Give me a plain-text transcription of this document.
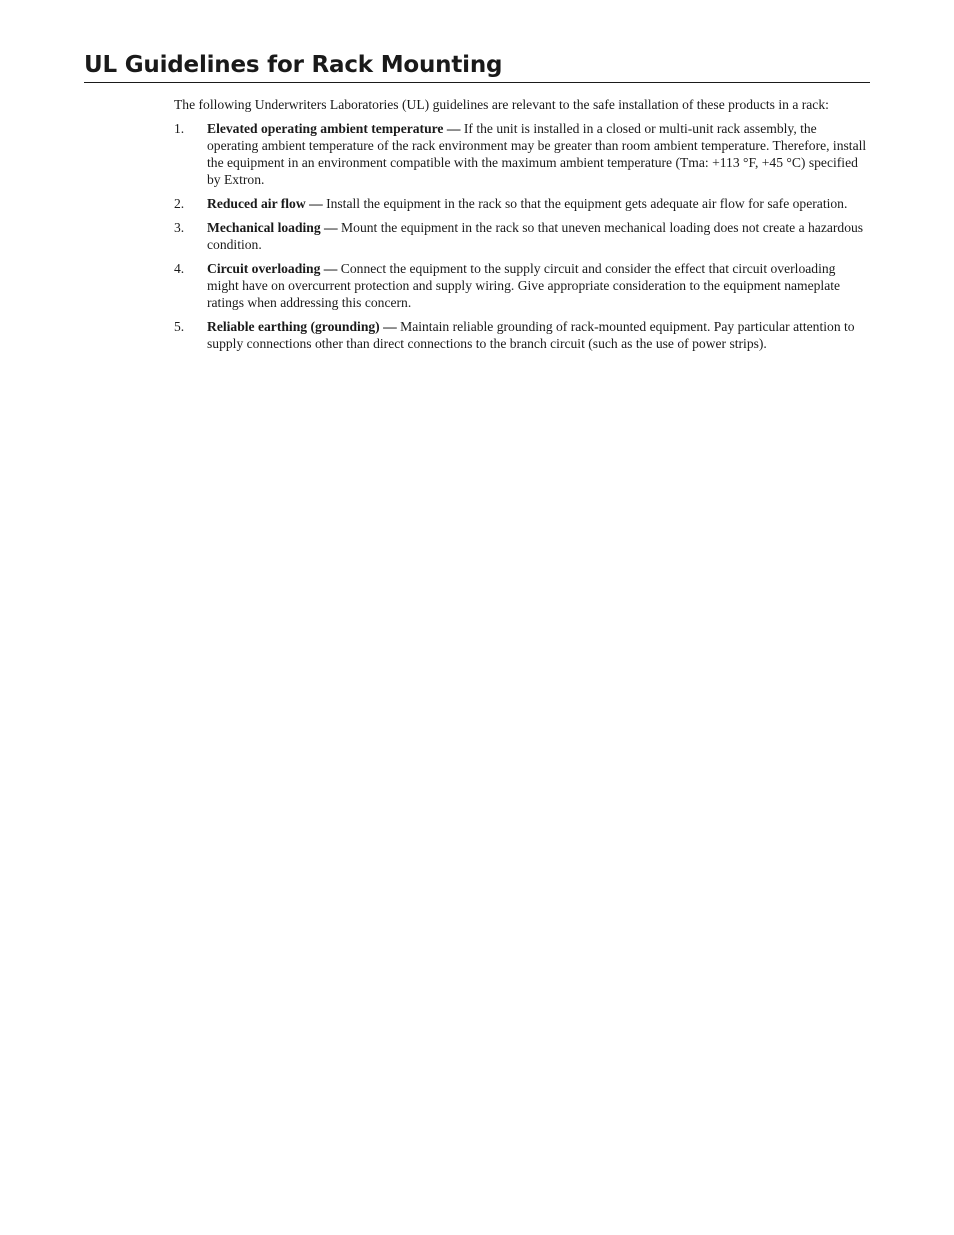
UL Guidelines for Rack Mounting

The following Underwriters Laboratories (UL) guidelines are relevant to the safe installation of these products in a rack:

1. Elevated operating ambient temperature — If the unit is installed in a closed or multi-unit rack assembly, the operating ambient temperature of the rack environment may be greater than room ambient temperature. Therefore, install the equipment in an environment compatible with the maximum ambient temperature (Tma: +113 °F, +45 °C) specified by Extron.

2. Reduced air flow — Install the equipment in the rack so that the equipment gets adequate air flow for safe operation.

3. Mechanical loading — Mount the equipment in the rack so that uneven mechanical loading does not create a hazardous condition.

4. Circuit overloading — Connect the equipment to the supply circuit and consider the effect that circuit overloading might have on overcurrent protection and supply wiring. Give appropriate consideration to the equipment nameplate ratings when addressing this concern.

5. Reliable earthing (grounding) — Maintain reliable grounding of rack-mounted equipment. Pay particular attention to supply connections other than direct connections to the branch circuit (such as the use of power strips).
